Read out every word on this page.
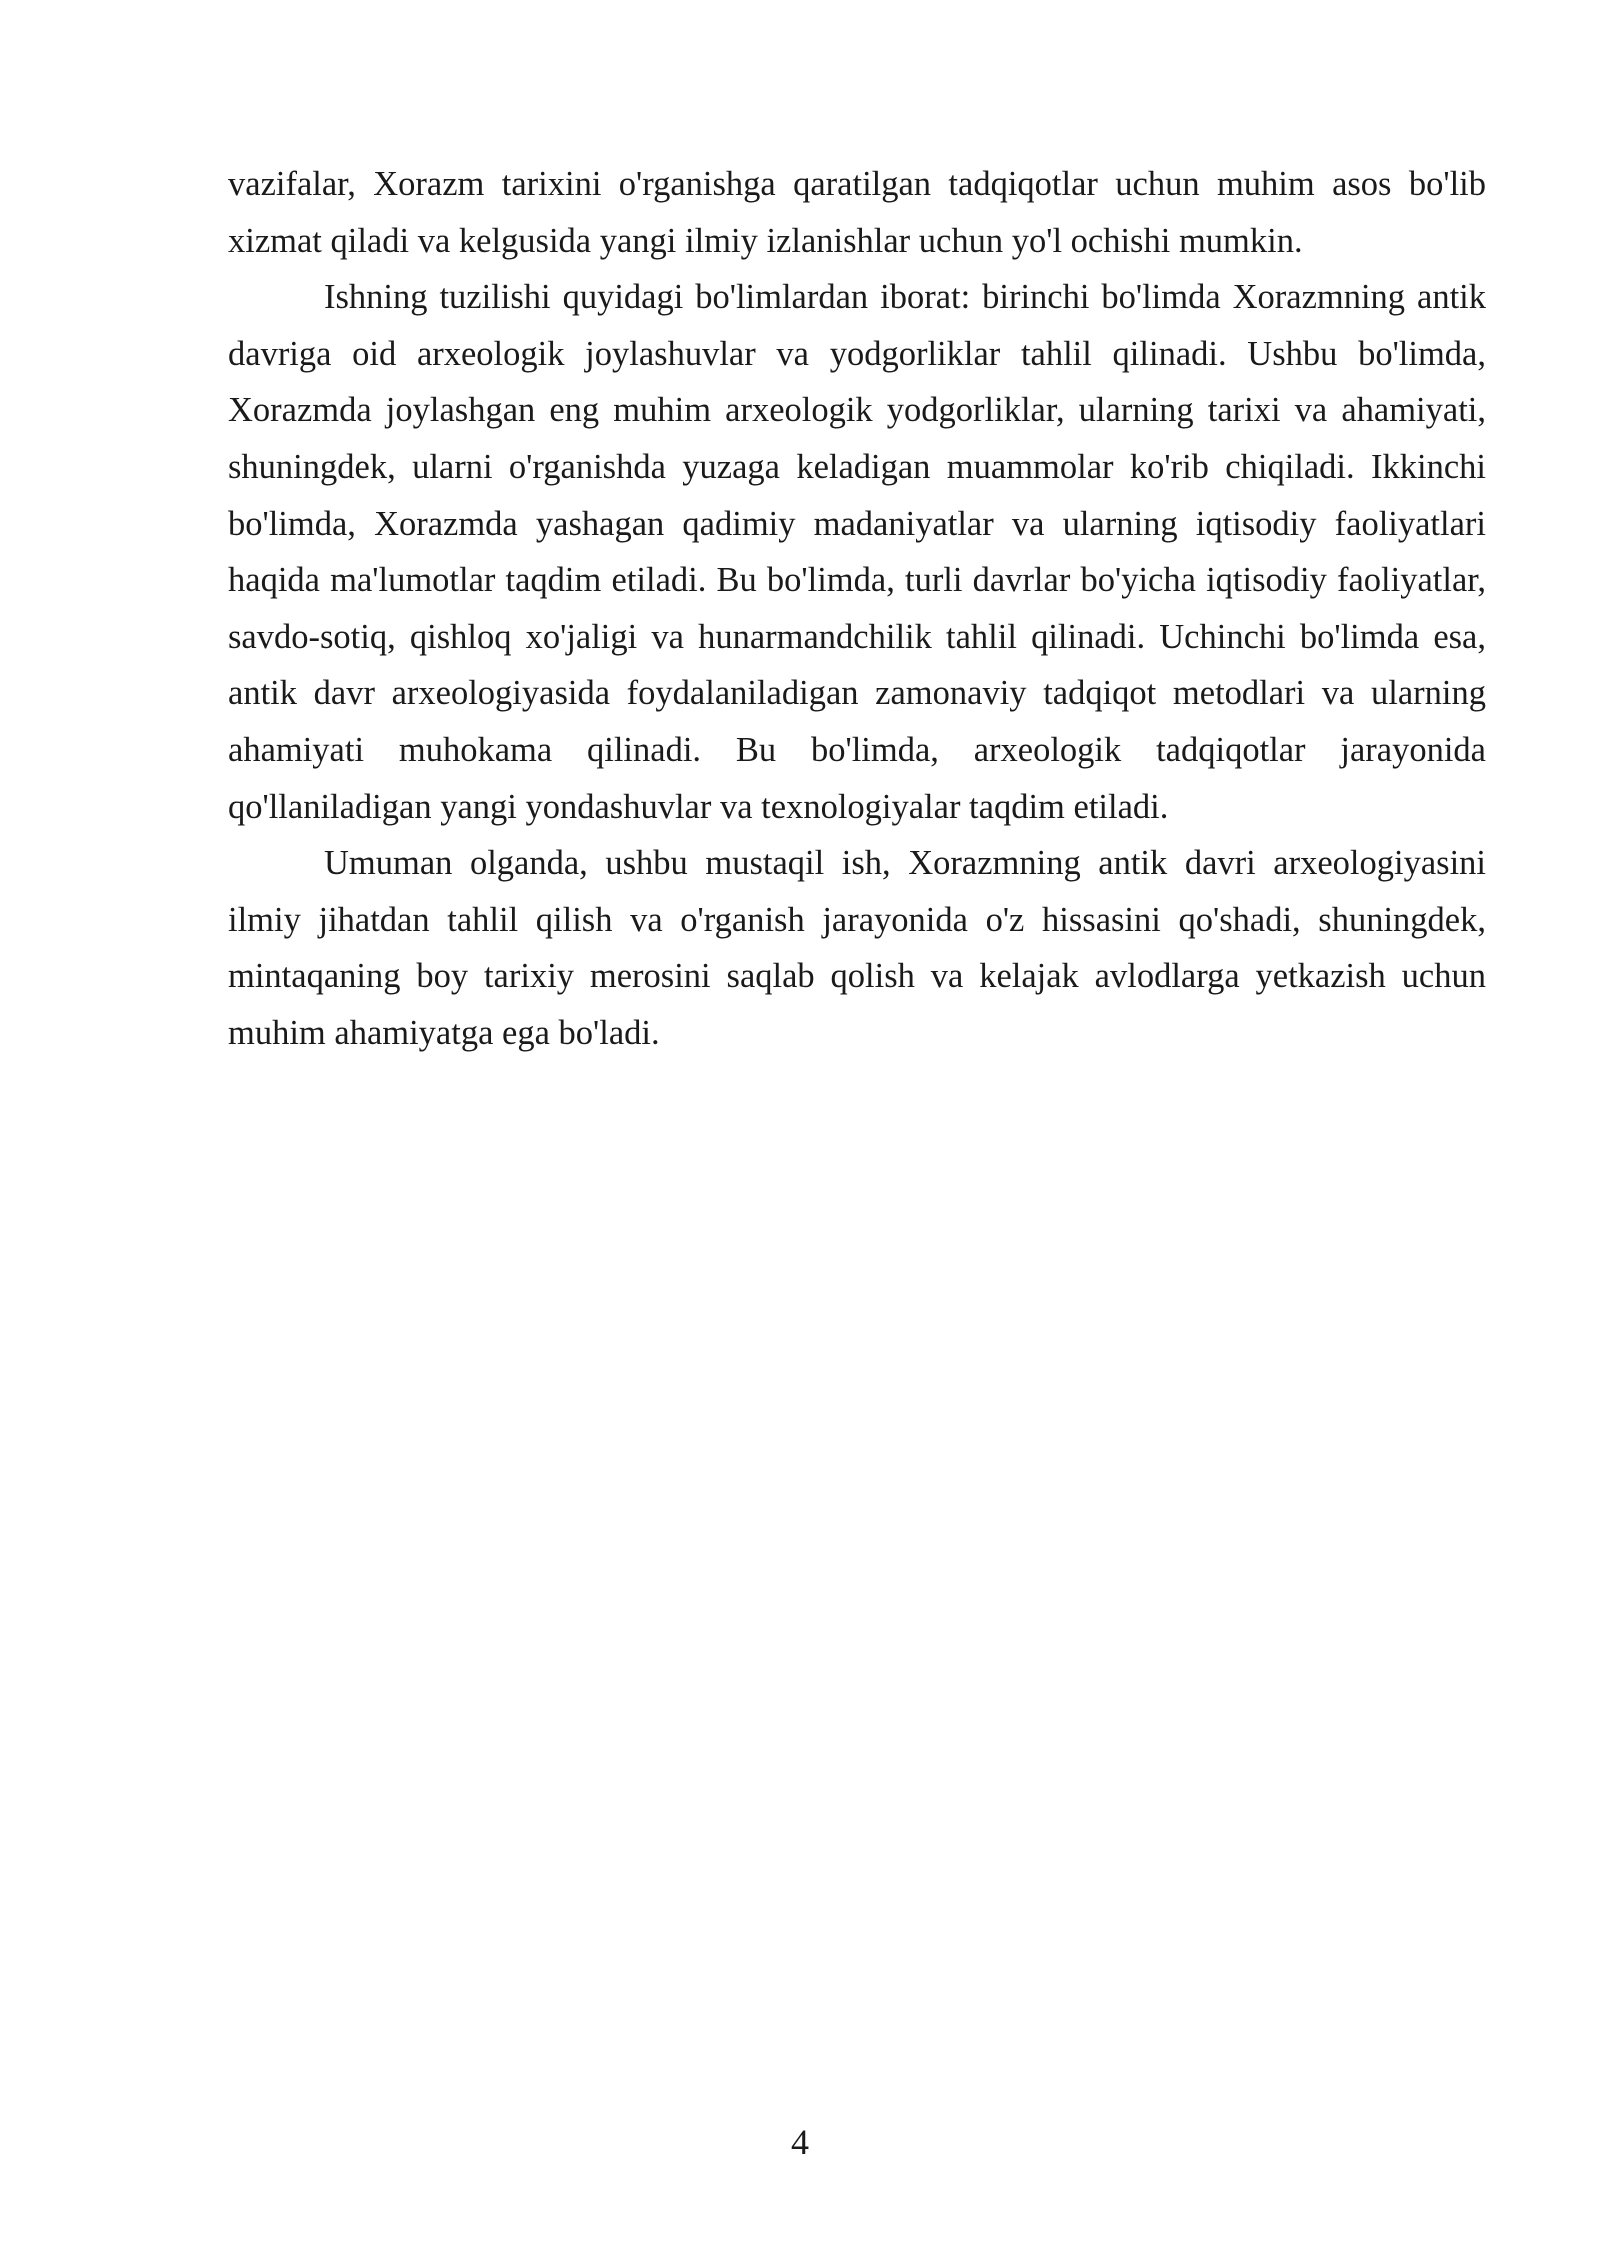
vazifalar, Xorazm tarixini o'rganishga qaratilgan tadqiqotlar uchun muhim asos bo'lib xizmat qiladi va kelgusida yangi ilmiy izlanishlar uchun yo'l ochishi mumkin.

Ishning tuzilishi quyidagi bo'limlardan iborat: birinchi bo'limda Xorazmning antik davriga oid arxeologik joylashuvlar va yodgorliklar tahlil qilinadi. Ushbu bo'limda, Xorazmda joylashgan eng muhim arxeologik yodgorliklar, ularning tarixi va ahamiyati, shuningdek, ularni o'rganishda yuzaga keladigan muammolar ko'rib chiqiladi. Ikkinchi bo'limda, Xorazmda yashagan qadimiy madaniyatlar va ularning iqtisodiy faoliyatlari haqida ma'lumotlar taqdim etiladi. Bu bo'limda, turli davrlar bo'yicha iqtisodiy faoliyatlar, savdo-sotiq, qishloq xo'jaligi va hunarmandchilik tahlil qilinadi. Uchinchi bo'limda esa, antik davr arxeologiyasida foydalaniladigan zamonaviy tadqiqot metodlari va ularning ahamiyati muhokama qilinadi. Bu bo'limda, arxeologik tadqiqotlar jarayonida qo'llaniladigan yangi yondashuvlar va texnologiyalar taqdim etiladi.

Umuman olganda, ushbu mustaqil ish, Xorazmning antik davri arxeologiyasini ilmiy jihatdan tahlil qilish va o'rganish jarayonida o'z hissasini qo'shadi, shuningdek, mintaqaning boy tarixiy merosini saqlab qolish va kelajak avlodlarga yetkazish uchun muhim ahamiyatga ega bo'ladi.

4
